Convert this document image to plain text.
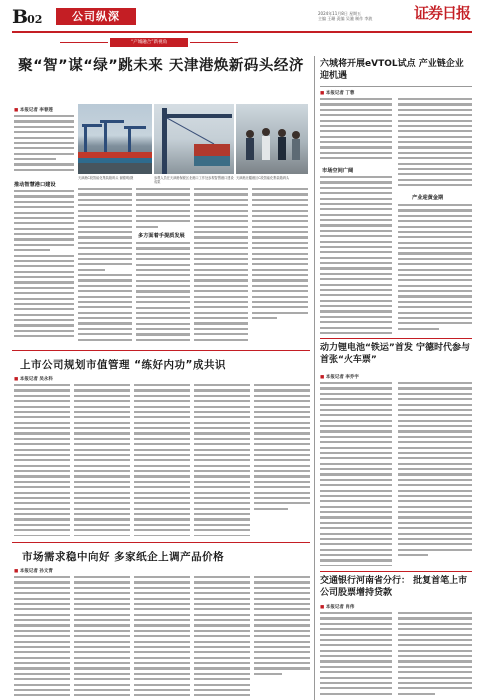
B02	公司纵深	2024年11月8日 星期五
主编 王珊 责编 吴澈 制作 李波	证券日报
“产城融合”新视角
聚“智”谋“绿”跳未来 天津港焕新码头经济
■ 本报记者 李春莲
推动智慧港口建设
天津港C段智能化集装箱码头 谢德明/摄	参观人员在天津港保税区北港口工作处参观智慧港口建设成果
天津港北疆港区C段智能化集装箱码头
多方面着手提质发展
六城将开展eVTOL试点 产业链企业迎机遇
■ 本报记者 丁蓉
市场空间广阔
产业迎黄金期
动力锂电池“铁运”首发 宁德时代参与首张“火车票”
■ 本报记者 李乔宇
交通银行河南省分行： 批复首笔上市公司股票增持贷款
■ 本报记者 肖伟
上市公司规划市值管理 “练好内功”成共识
■ 本报记者 吴永科
市场需求稳中向好 多家纸企上调产品价格
■ 本报记者 孙文青
